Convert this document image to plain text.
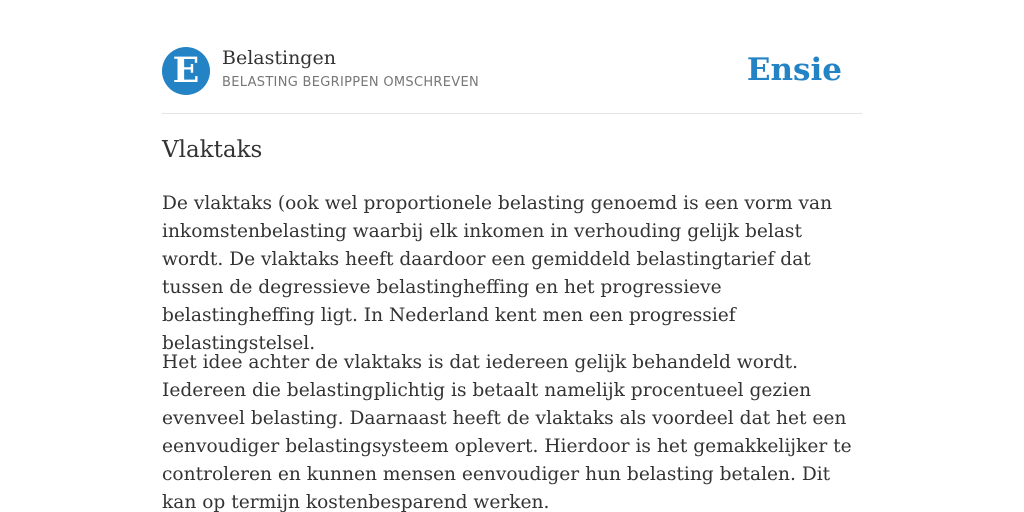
E	Belastingen
BELASTING BEGRIPPEN OMSCHREVEN	Ensie
Vlaktaks

De vlaktaks (ook wel proportionele belasting genoemd is een vorm van inkomstenbelasting waarbij elk inkomen in verhouding gelijk belast wordt. De vlaktaks heeft daardoor een gemiddeld belastingtarief dat tussen de degressieve belastingheffing en het progressieve belastingheffing ligt. In Nederland kent men een progressief belastingstelsel.

Het idee achter de vlaktaks is dat iedereen gelijk behandeld wordt. Iedereen die belastingplichtig is betaalt namelijk procentueel gezien evenveel belasting. Daarnaast heeft de vlaktaks als voordeel dat het een eenvoudiger belastingsysteem oplevert. Hierdoor is het gemakkelijker te controleren en kunnen mensen eenvoudiger hun belasting betalen. Dit kan op termijn kostenbesparend werken.
